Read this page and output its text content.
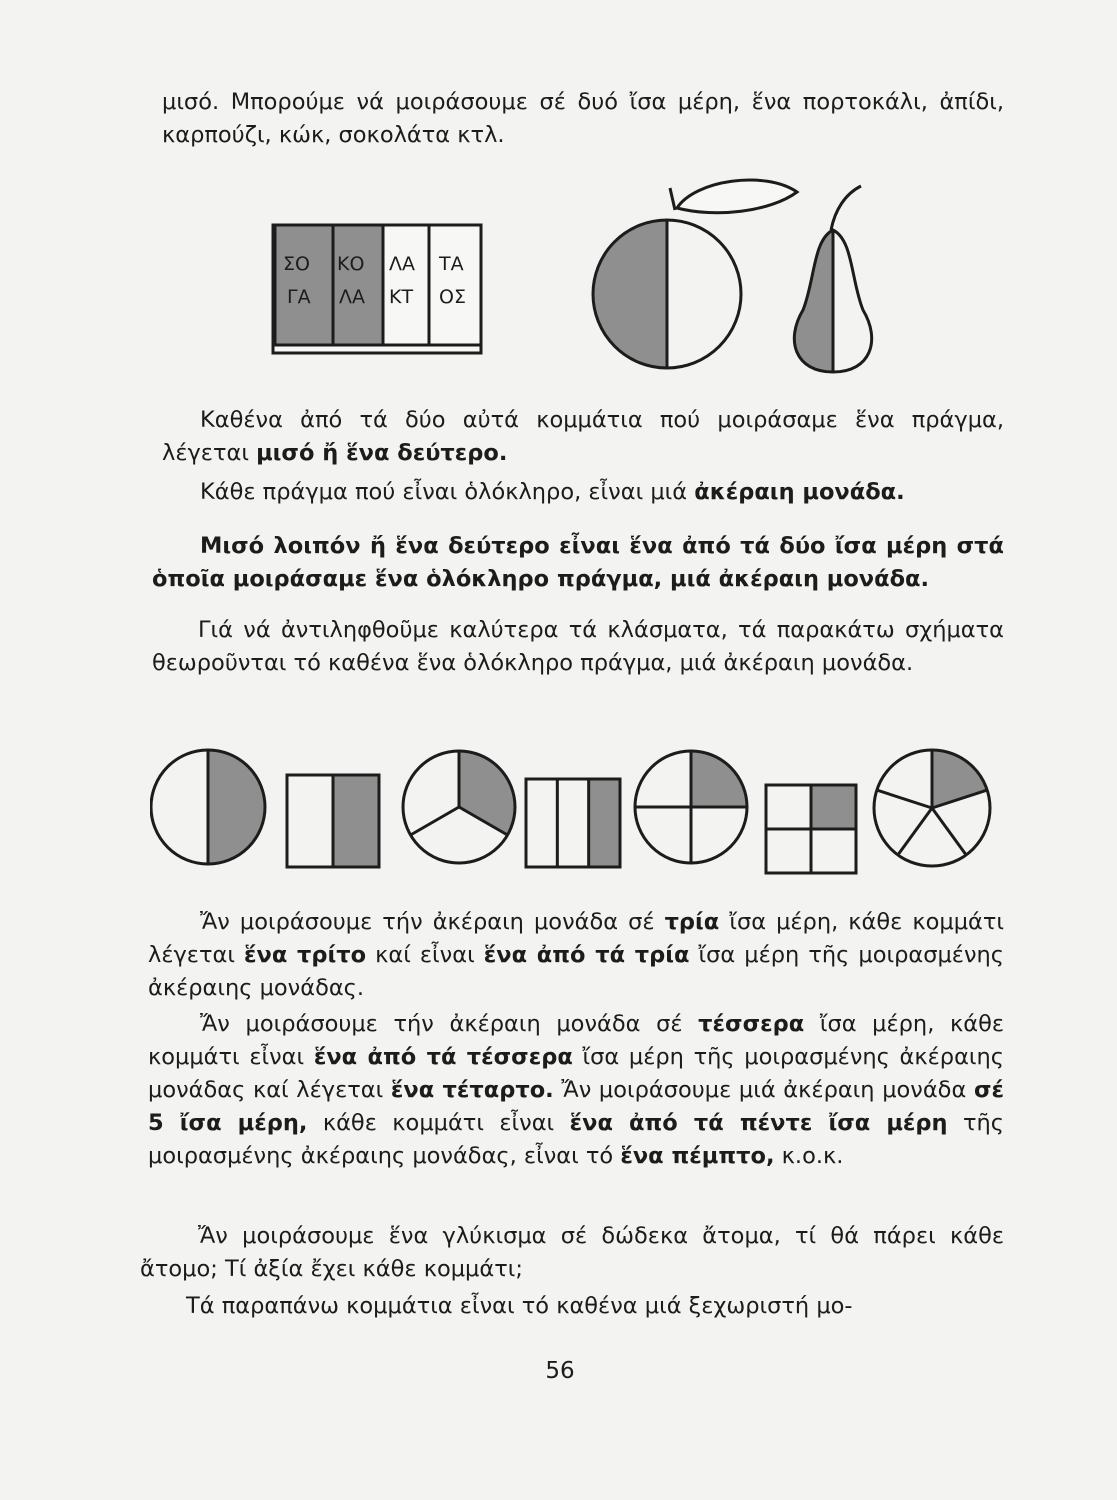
μισό. Μπορούμε νά μοιράσουμε σέ δυό ἴσα μέρη, ἕνα πορτοκάλι, ἀπίδι, καρπούζι, κώκ, σοκολάτα κτλ.

ΣΟ
ΓΑ
ΚΟ
ΛΑ
ΛΑ
ΚΤ
ΤΑ
ΟΣ

Καθένα ἀπό τά δύο αὐτά κομμάτια πού μοιράσαμε ἕνα πράγμα, λέγεται μισό ἤ ἕνα δεύτερο.

Κάθε πράγμα πού εἶναι ὁλόκληρο, εἶναι μιά ἀκέραιη μονάδα.

Μισό λοιπόν ἤ ἕνα δεύτερο εἶναι ἕνα ἀπό τά δύο ἴσα μέρη στά ὁποῖα μοιράσαμε ἕνα ὁλόκληρο πράγμα, μιά ἀκέραιη μονάδα.

Γιά νά ἀντιληφθοῦμε καλύτερα τά κλάσματα, τά παρακάτω σχήματα θεωροῦνται τό καθένα ἕνα ὁλόκληρο πράγμα, μιά ἀκέραιη μονάδα.

Ἄν μοιράσουμε τήν ἀκέραιη μονάδα σέ τρία ἴσα μέρη, κάθε κομμάτι λέγεται ἕνα τρίτο καί εἶναι ἕνα ἀπό τά τρία ἴσα μέρη τῆς μοιρασμένης ἀκέραιης μονάδας.

Ἄν μοιράσουμε τήν ἀκέραιη μονάδα σέ τέσσερα ἴσα μέρη, κάθε κομμάτι εἶναι ἕνα ἀπό τά τέσσερα ἴσα μέρη τῆς μοιρασμένης ἀκέραιης μονάδας καί λέγεται ἕνα τέταρτο. Ἄν μοιράσουμε μιά ἀκέραιη μονάδα σέ 5 ἴσα μέρη, κάθε κομμάτι εἶναι ἕνα ἀπό τά πέντε ἴσα μέρη τῆς μοιρασμένης ἀκέραιης μονάδας, εἶναι τό ἕνα πέμπτο, κ.ο.κ.

Ἄν μοιράσουμε ἕνα γλύκισμα σέ δώδεκα ἄτομα, τί θά πάρει κάθε ἄτομο; Τί ἀξία ἔχει κάθε κομμάτι;

Τά παραπάνω κομμάτια εἶναι τό καθένα μιά ξεχωριστή μο-

56
